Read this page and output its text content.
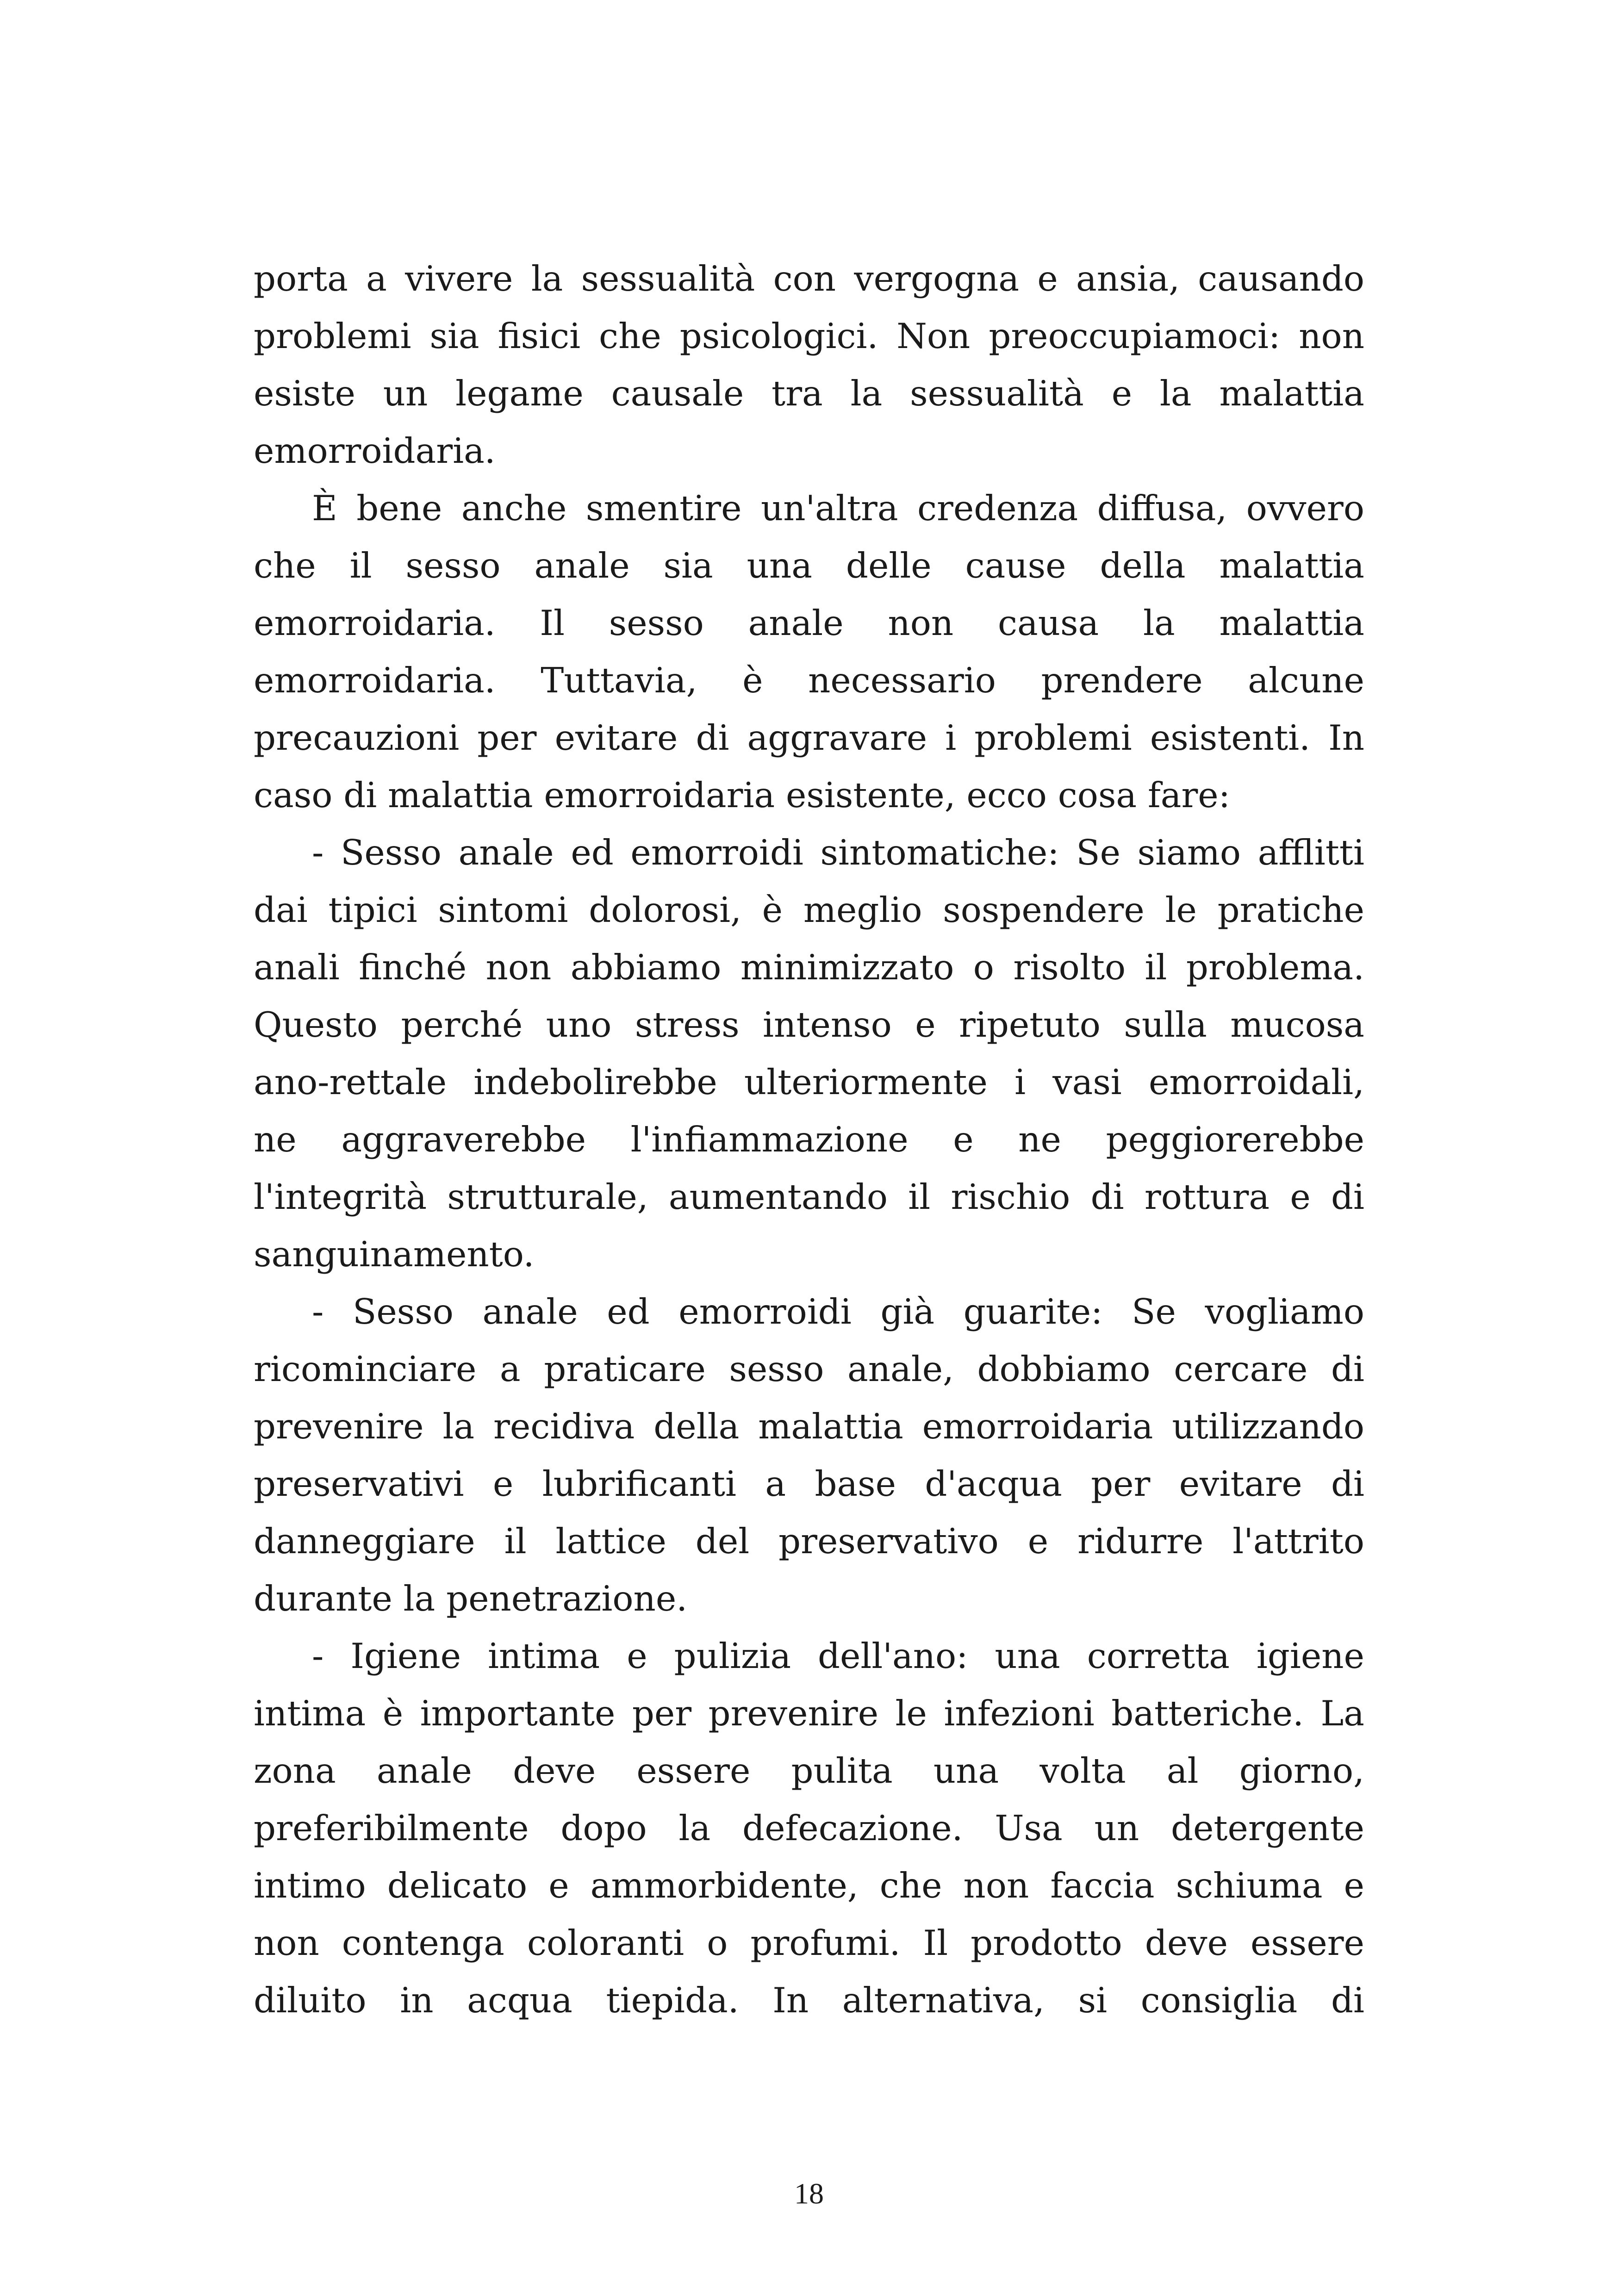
porta a vivere la sessualità con vergogna e ansia, causando
problemi sia fisici che psicologici. Non preoccupiamoci: non
esiste un legame causale tra la sessualità e la malattia
emorroidaria.
È bene anche smentire un'altra credenza diffusa, ovvero
che il sesso anale sia una delle cause della malattia
emorroidaria. Il sesso anale non causa la malattia
emorroidaria. Tuttavia, è necessario prendere alcune
precauzioni per evitare di aggravare i problemi esistenti. In
caso di malattia emorroidaria esistente, ecco cosa fare:
- Sesso anale ed emorroidi sintomatiche: Se siamo afflitti
dai tipici sintomi dolorosi, è meglio sospendere le pratiche
anali finché non abbiamo minimizzato o risolto il problema.
Questo perché uno stress intenso e ripetuto sulla mucosa
ano-rettale indebolirebbe ulteriormente i vasi emorroidali,
ne aggraverebbe l'infiammazione e ne peggiorerebbe
l'integrità strutturale, aumentando il rischio di rottura e di
sanguinamento.
- Sesso anale ed emorroidi già guarite: Se vogliamo
ricominciare a praticare sesso anale, dobbiamo cercare di
prevenire la recidiva della malattia emorroidaria utilizzando
preservativi e lubrificanti a base d'acqua per evitare di
danneggiare il lattice del preservativo e ridurre l'attrito
durante la penetrazione.
- Igiene intima e pulizia dell'ano: una corretta igiene
intima è importante per prevenire le infezioni batteriche. La
zona anale deve essere pulita una volta al giorno,
preferibilmente dopo la defecazione. Usa un detergente
intimo delicato e ammorbidente, che non faccia schiuma e
non contenga coloranti o profumi. Il prodotto deve essere
diluito in acqua tiepida. In alternativa, si consiglia di
18
